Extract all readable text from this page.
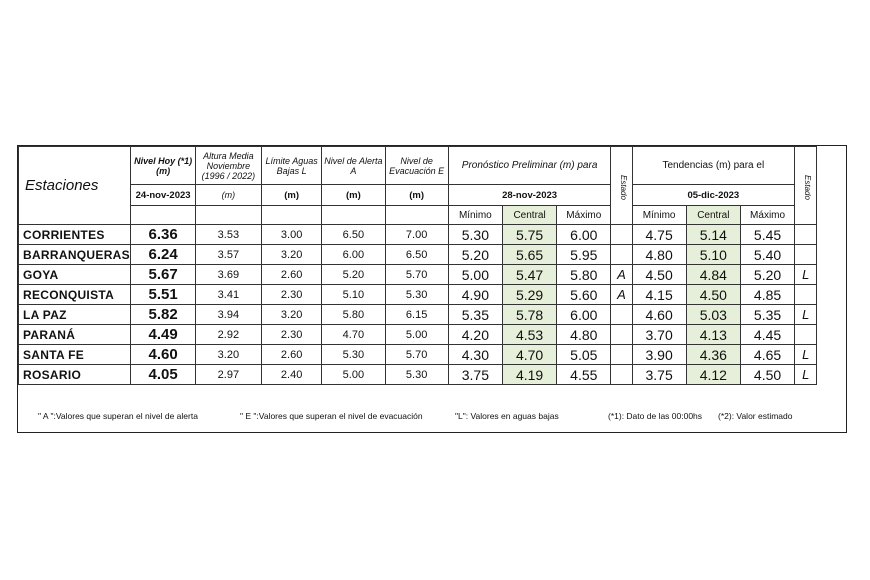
Estaciones	Nivel Hoy (*1) (m)	Altura Media Noviembre (1996 / 2022)	Límite Aguas Bajas L	Nivel de Alerta A	Nivel de Evacuación E	Pronóstico Preliminar (m) para			Estado	Tendencias (m) para el			Estado	
	24-nov-2023	(m)	(m)	(m)	(m)	28-nov-2023				05-dic-2023				
						Mínimo	Central	Máximo		Mínimo	Central	Máximo		
CORRIENTES	6.36	3.53	3.00	6.50	7.00	5.30	5.75	6.00		4.75	5.14	5.45		
BARRANQUERAS	6.24	3.57	3.20	6.00	6.50	5.20	5.65	5.95		4.80	5.10	5.40		
GOYA	5.67	3.69	2.60	5.20	5.70	5.00	5.47	5.80	A	4.50	4.84	5.20	L	
RECONQUISTA	5.51	3.41	2.30	5.10	5.30	4.90	5.29	5.60	A	4.15	4.50	4.85		
LA PAZ	5.82	3.94	3.20	5.80	6.15	5.35	5.78	6.00		4.60	5.03	5.35	L	
PARANÁ	4.49	2.92	2.30	4.70	5.00	4.20	4.53	4.80		3.70	4.13	4.45		
SANTA FE	4.60	3.20	2.60	5.30	5.70	4.30	4.70	5.05		3.90	4.36	4.65	L	
ROSARIO	4.05	2.97	2.40	5.00	5.30	3.75	4.19	4.55		3.75	4.12	4.50	L	
" A ":Valores que superan el nivel de alerta	" E ":Valores que superan el nivel de evacuación	"L": Valores en aguas bajas	(*1): Dato de las 00:00hs (*2): Valor estimado
